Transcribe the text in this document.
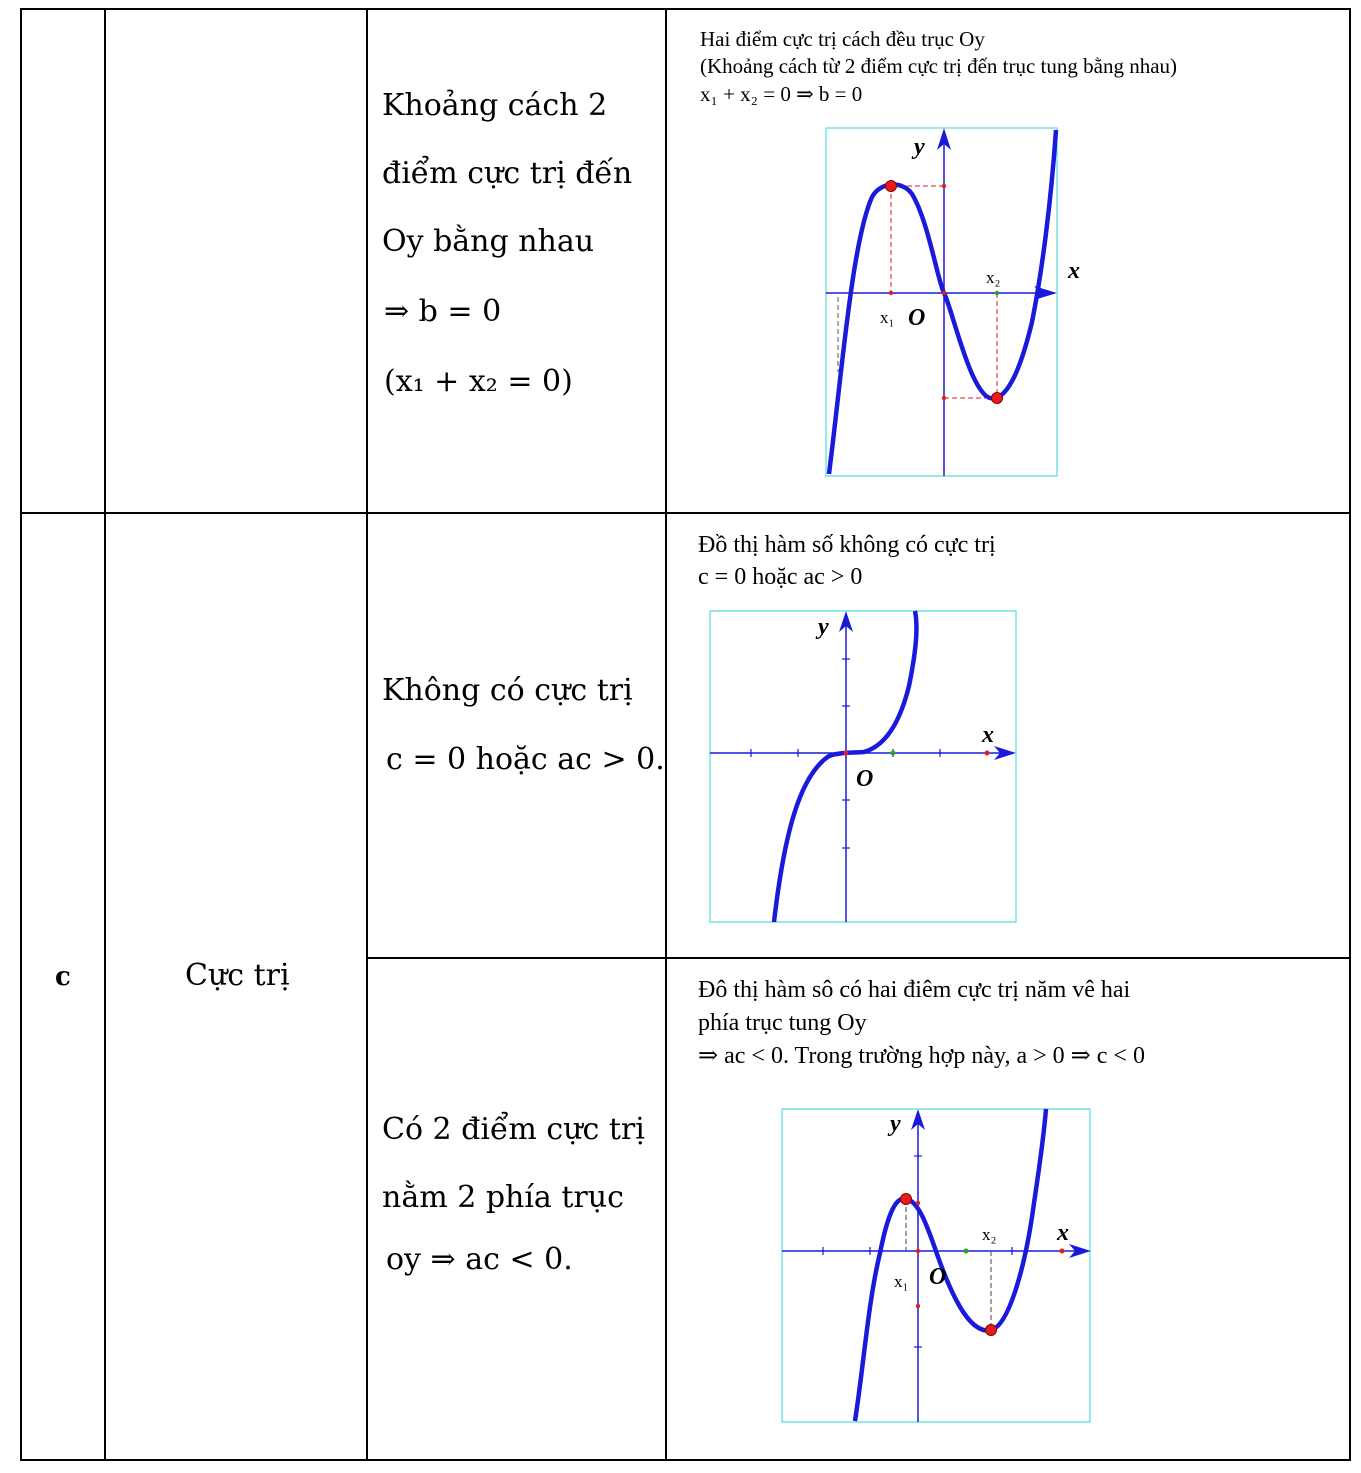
Khoảng cách 2
điểm cực trị đến
Oy bằng nhau
⇒ b = 0
(x₁ + x₂ = 0)
Hai điểm cực trị cách đều trục Oy
(Khoảng cách từ 2 điểm cực trị đến trục tung bằng nhau)
x₁ + x₂ = 0 ⇒ b = 0
y
x
O
x₁
x₂
c	Cực trị
Không có cực trị
c = 0 hoặc ac > 0.
Đồ thị hàm số không có cực trị
c = 0 hoặc ac > 0
y
x
O
Có 2 điểm cực trị
nằm 2 phía trục
oy ⇒ ac < 0.
Đô thị hàm sô có hai điêm cực trị năm vê hai
phía trục tung Oy
⇒ ac < 0. Trong trường hợp này, a > 0 ⇒ c < 0
y
x
O
x₁
x₂
